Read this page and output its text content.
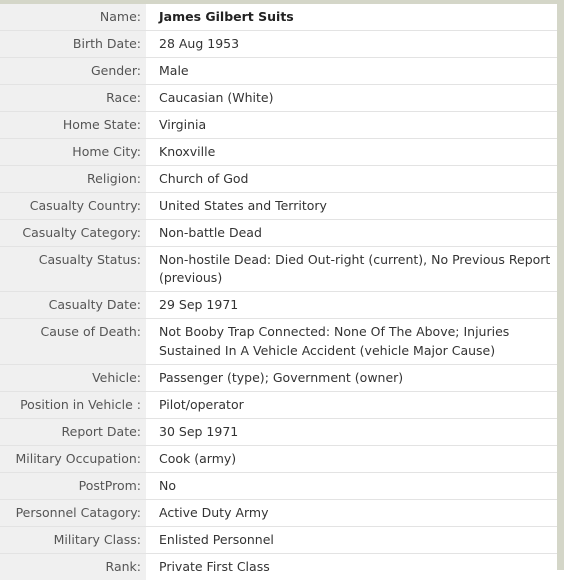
Name:	James Gilbert Suits
Birth Date:	28 Aug 1953
Gender:	Male
Race:	Caucasian (White)
Home State:	Virginia
Home City:	Knoxville
Religion:	Church of God
Casualty Country:	United States and Territory
Casualty Category:	Non-battle Dead
Casualty Status:	Non-hostile Dead: Died Out-right (current), No Previous Report (previous)
Casualty Date:	29 Sep 1971
Cause of Death:	Not Booby Trap Connected: None Of The Above; Injuries Sustained In A Vehicle Accident (vehicle Major Cause)
Vehicle:	Passenger (type); Government (owner)
Position in Vehicle :	Pilot/operator
Report Date:	30 Sep 1971
Military Occupation:	Cook (army)
PostProm:	No
Personnel Catagory:	Active Duty Army
Military Class:	Enlisted Personnel
Rank:	Private First Class
